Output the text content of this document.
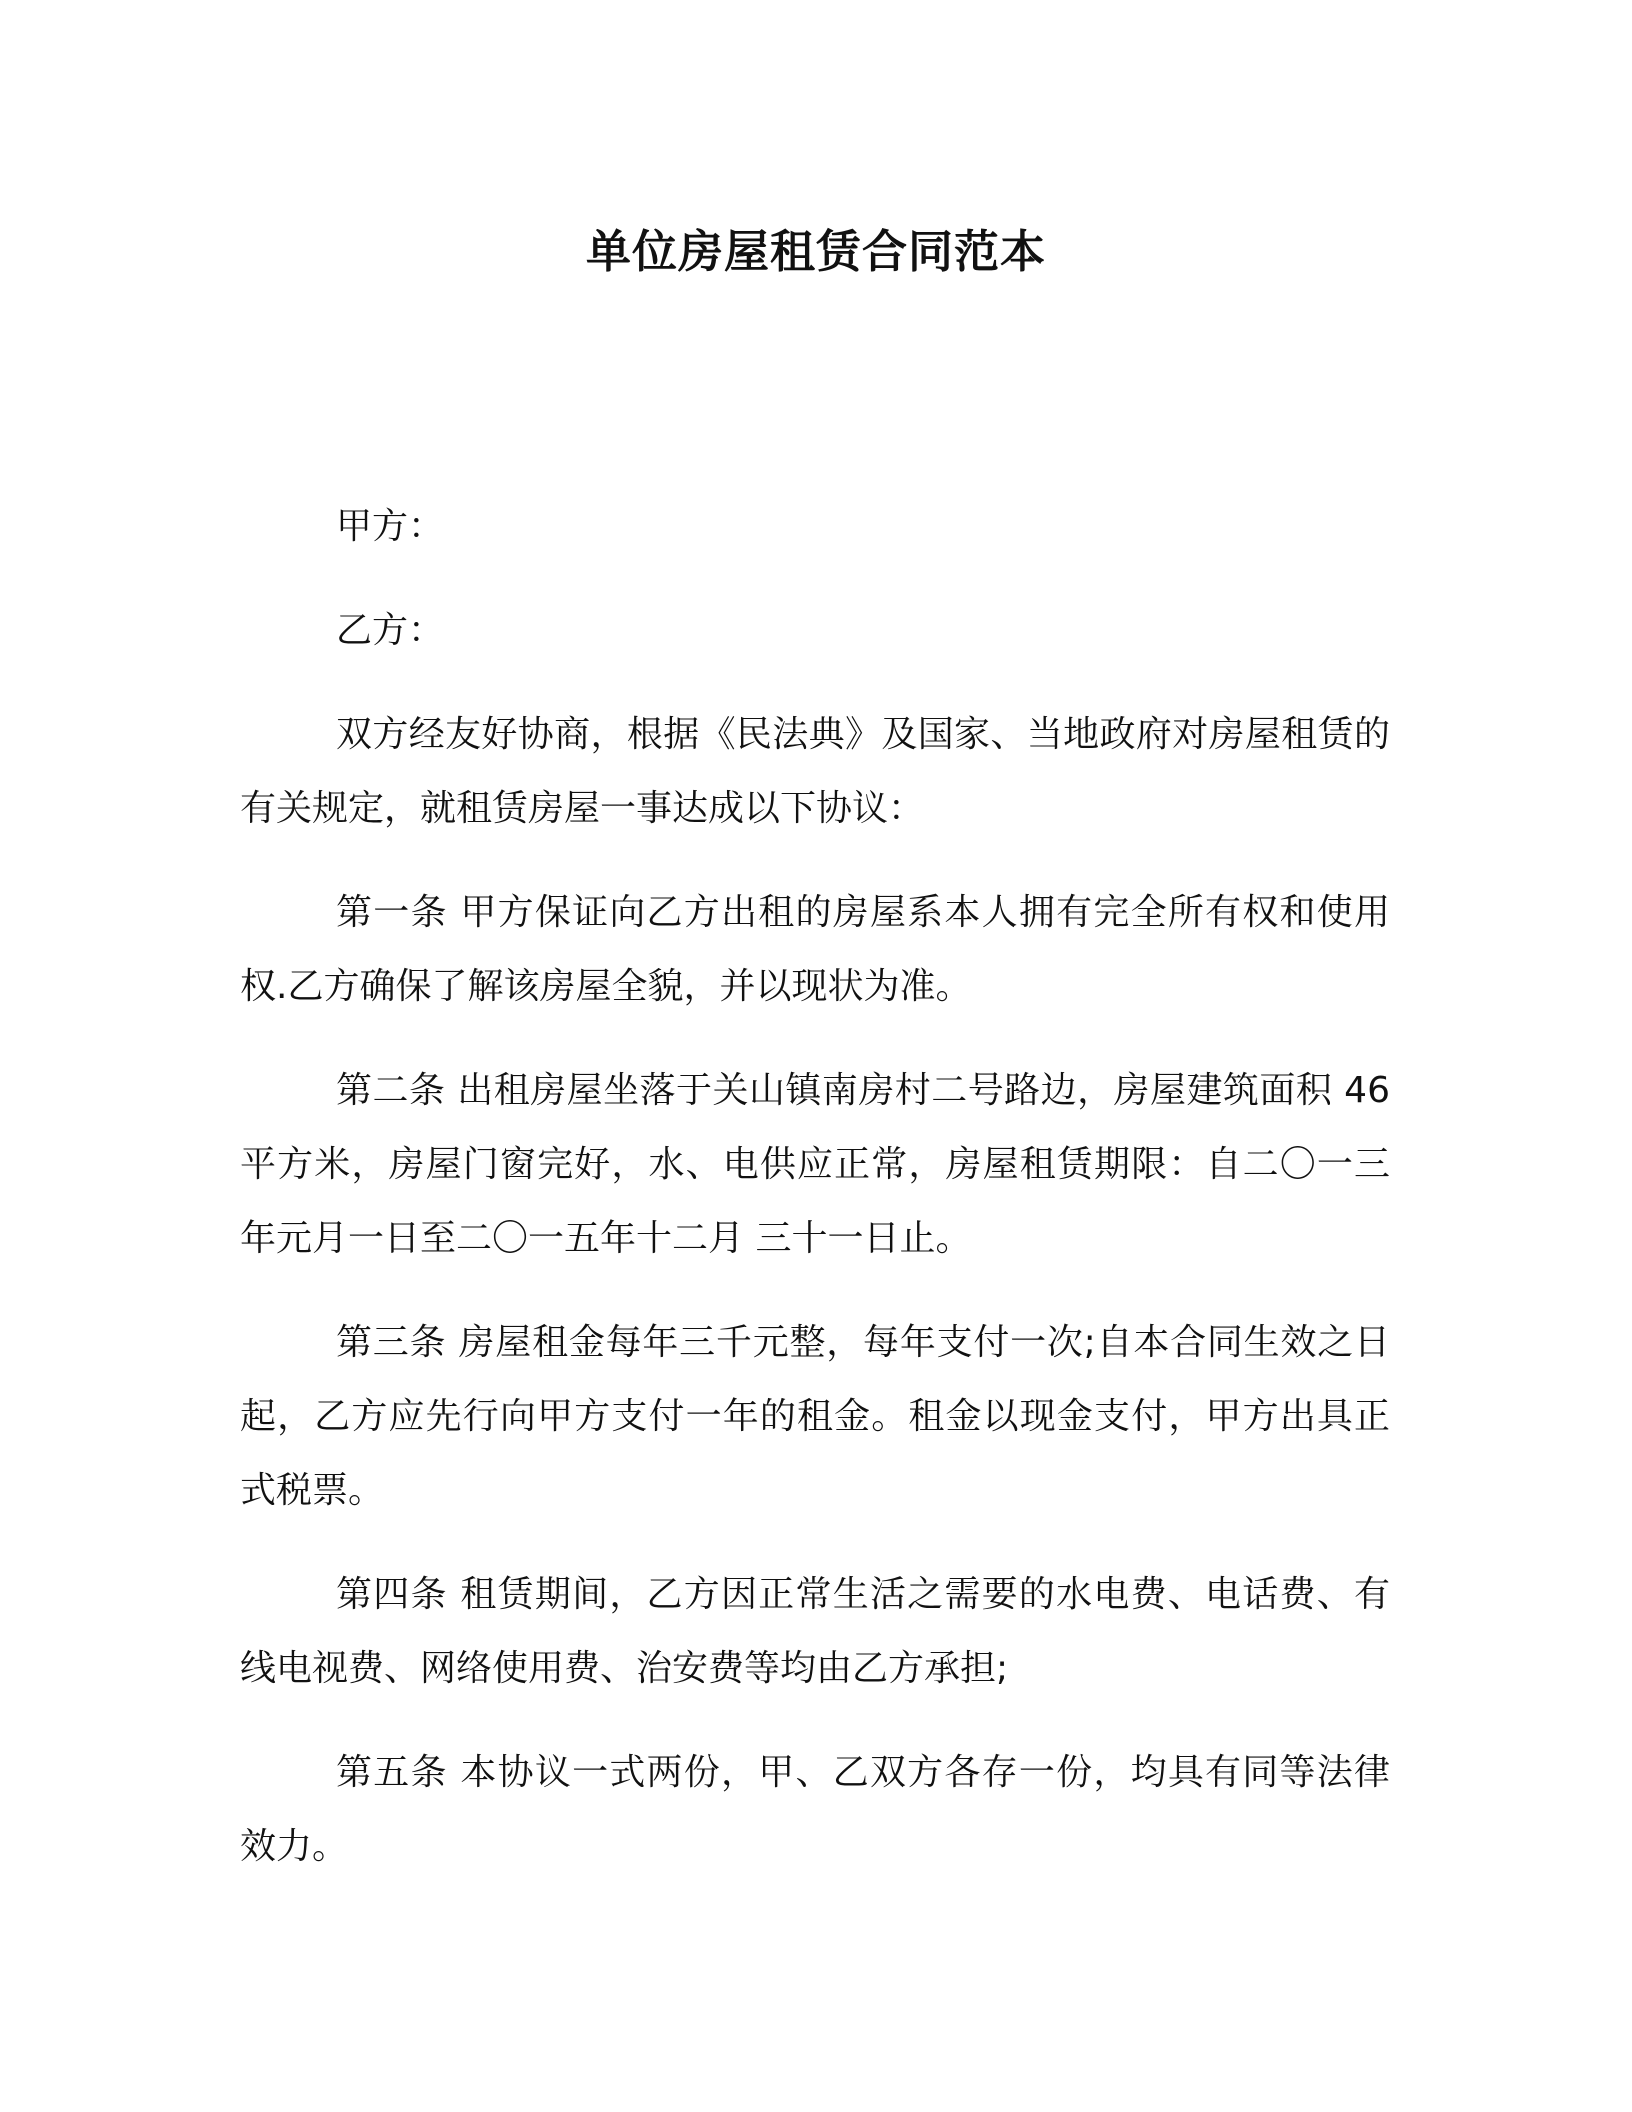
单位房屋租赁合同范本

甲方：

乙方：

双方经友好协商，根据《民法典》及国家、当地政府对房屋租赁的有关规定，就租赁房屋一事达成以下协议：

第一条 甲方保证向乙方出租的房屋系本人拥有完全所有权和使用权.乙方确保了解该房屋全貌，并以现状为准。

第二条 出租房屋坐落于关山镇南房村二号路边，房屋建筑面积 46 平方米，房屋门窗完好，水、电供应正常，房屋租赁期限：自二〇一三年元月一日至二〇一五年十二月 三十一日止。

第三条 房屋租金每年三千元整，每年支付一次;自本合同生效之日起，乙方应先行向甲方支付一年的租金。租金以现金支付，甲方出具正式税票。

第四条 租赁期间，乙方因正常生活之需要的水电费、电话费、有线电视费、网络使用费、治安费等均由乙方承担;

第五条 本协议一式两份，甲、乙双方各存一份，均具有同等法律效力。
